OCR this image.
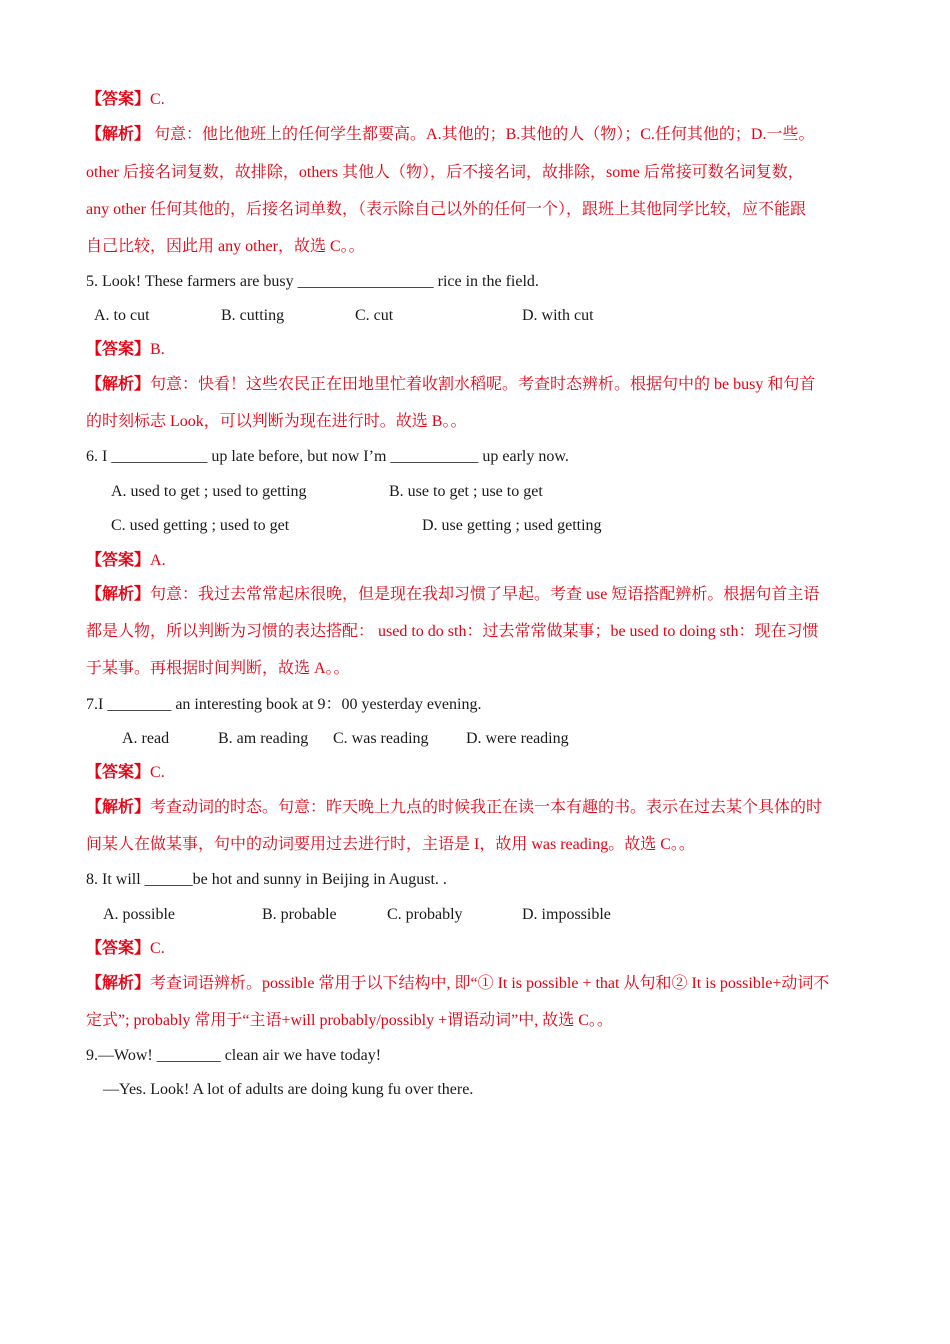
【答案】C.
【解析】 句意：他比他班上的任何学生都要高。A.其他的；B.其他的人（物）；C.任何其他的；D.一些。
other 后接名词复数，故排除，others 其他人（物），后不接名词，故排除，some 后常接可数名词复数，
any other 任何其他的，后接名词单数，（表示除自己以外的任何一个），跟班上其他同学比较，应不能跟
自己比较，因此用 any other，故选 C。。
5. Look! These farmers are busy _________________ rice in the field.
A. to cut	B. cutting	C. cut	D. with cut
【答案】B.
【解析】句意：快看！这些农民正在田地里忙着收割水稻呢。考查时态辨析。根据句中的 be busy 和句首
的时刻标志 Look，可以判断为现在进行时。故选 B。。
6. I ____________ up late before, but now I’m ___________ up early now.
A. used to get ; used to getting	B. use to get ; use to get
C. used getting ; used to get	D. use getting ; used getting
【答案】A.
【解析】句意：我过去常常起床很晚，但是现在我却习惯了早起。考查 use 短语搭配辨析。根据句首主语
都是人物，所以判断为习惯的表达搭配： used to do sth：过去常常做某事；be used to doing sth：现在习惯
于某事。再根据时间判断，故选 A。。
7.I ________ an interesting book at 9：00 yesterday evening.
A. read	B. am reading C. was reading D. were reading
【答案】C.
【解析】考查动词的时态。句意：昨天晚上九点的时候我正在读一本有趣的书。表示在过去某个具体的时
间某人在做某事，句中的动词要用过去进行时，主语是 I，故用 was reading。故选 C。。
8. It will ______be hot and sunny in Beijing in August. .
A. possible	B. probable	C. probably	D. impossible
【答案】C.
【解析】考查词语辨析。possible 常用于以下结构中, 即“① It is possible + that 从句和② It is possible+动词不
定式”; probably 常用于“主语+will probably/possibly +谓语动词”中, 故选 C。。
9.—Wow! ________ clean air we have today!
—Yes. Look! A lot of adults are doing kung fu over there.
